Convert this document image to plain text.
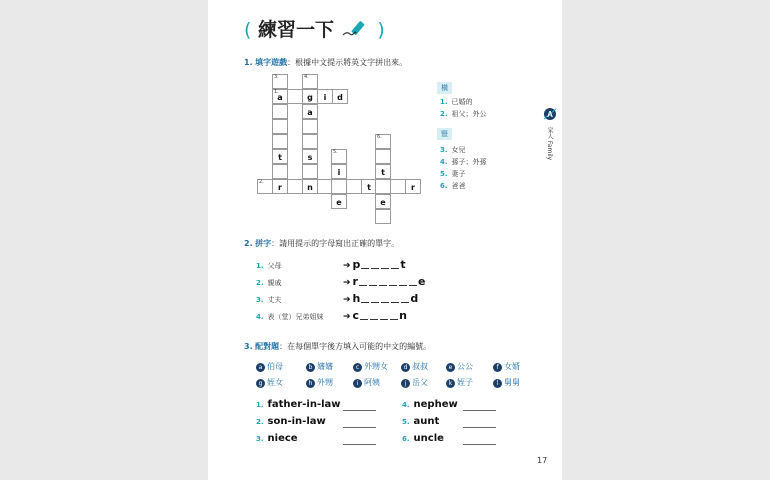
( 練習一下 )
1. 填字遊戲：根據中文提示將英文字拼出來。
3.	4.
1.
a	g	i	d
a
6.
t	s
5.
i	t
2.
r	n	t	r
e	e
橫
1. 已婚的
2. 祖父；外公
豎
3. 女兒
4. 孫子；外孫
5. 妻子
6. 爸爸
A
家人 Family
2. 拼字：請用提示的字母寫出正確的單字。
1. 父母	➔ p	t
2. 親戚	➔ r	e
3. 丈夫	➔ h	d
4. 表（堂）兄弟姐妹 ➔ c	n
3. 配對題：在每個單字後方填入可能的中文的編號。
a 伯母	b 嬸嬸	c 外甥女	d 叔叔	e 公公	f 女婿
g 姪女	h 外甥	i 阿姨	j 岳父	k 姪子	l 舅舅
1. father-in-law
2. son-in-law
3. niece
4. nephew
5. aunt
6. uncle
17
